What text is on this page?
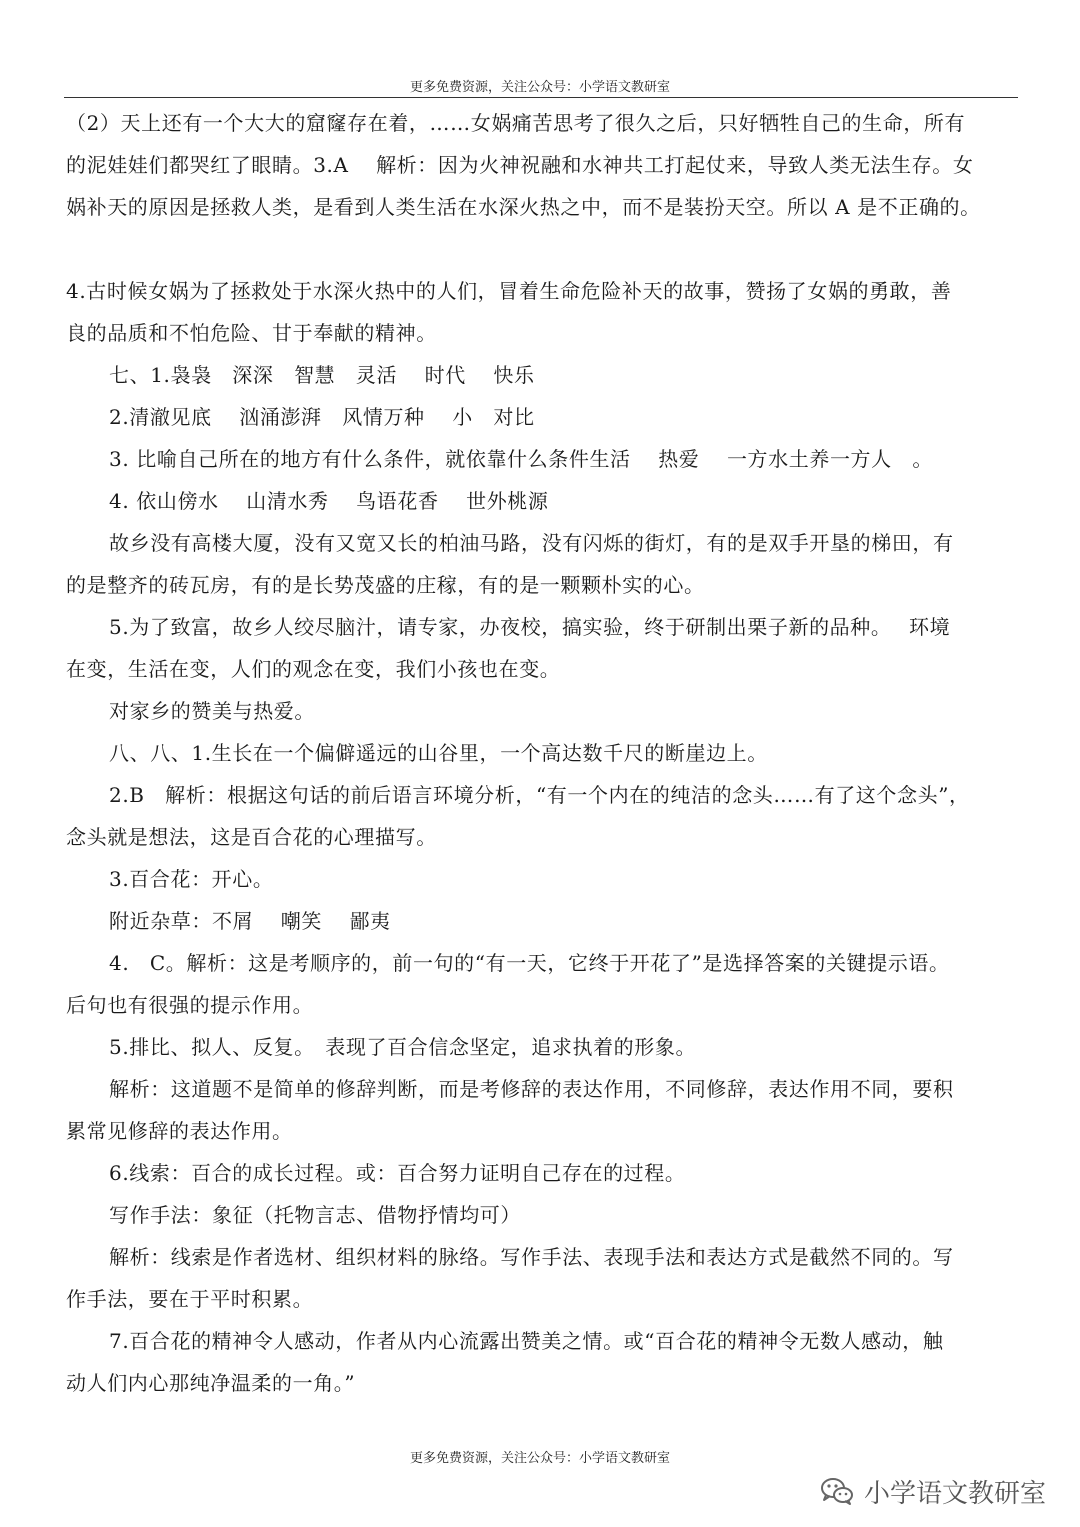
更多免费资源，关注公众号：小学语文教研室
（2）天上还有一个大大的窟窿存在着，……女娲痛苦思考了很久之后，只好牺牲自己的生命，所有
的泥娃娃们都哭红了眼睛。3.A　 解析：因为火神祝融和水神共工打起仗来，导致人类无法生存。女
娲补天的原因是拯救人类，是看到人类生活在水深火热之中，而不是装扮天空。所以 A 是不正确的。
4.古时候女娲为了拯救处于水深火热中的人们，冒着生命危险补天的故事，赞扬了女娲的勇敢，善
良的品质和不怕危险、甘于奉献的精神。
七、1.袅袅　深深　智慧　灵活　 时代　 快乐
2.清澈见底　 汹涌澎湃　风情万种　 小　对比
3. 比喻自己所在的地方有什么条件，就依靠什么条件生活　 热爱　 一方水土养一方人　。
4. 依山傍水　 山清水秀　 鸟语花香　 世外桃源
故乡没有高楼大厦，没有又宽又长的柏油马路，没有闪烁的街灯，有的是双手开垦的梯田，有
的是整齐的砖瓦房，有的是长势茂盛的庄稼，有的是一颗颗朴实的心。
5.为了致富，故乡人绞尽脑汁，请专家，办夜校，搞实验，终于研制出栗子新的品种。　 环境
在变，生活在变，人们的观念在变，我们小孩也在变。
对家乡的赞美与热爱。
八、八、1.生长在一个偏僻遥远的山谷里，一个高达数千尺的断崖边上。
2.B　解析：根据这句话的前后语言环境分析，“有一个内在的纯洁的念头……有了这个念头”，
念头就是想法，这是百合花的心理描写。
3.百合花：开心。
附近杂草：不屑　 嘲笑　 鄙夷
4.　C。解析：这是考顺序的，前一句的“有一天，它终于开花了”是选择答案的关键提示语。
后句也有很强的提示作用。
5.排比、拟人、反复。　表现了百合信念坚定，追求执着的形象。
解析：这道题不是简单的修辞判断，而是考修辞的表达作用，不同修辞，表达作用不同，要积
累常见修辞的表达作用。
6.线索：百合的成长过程。或：百合努力证明自己存在的过程。
写作手法：象征（托物言志、借物抒情均可）
解析：线索是作者选材、组织材料的脉络。写作手法、表现手法和表达方式是截然不同的。写
作手法，要在于平时积累。
7.百合花的精神令人感动，作者从内心流露出赞美之情。或“百合花的精神令无数人感动，触
动人们内心那纯净温柔的一角。”
更多免费资源，关注公众号：小学语文教研室
小学语文教研室
